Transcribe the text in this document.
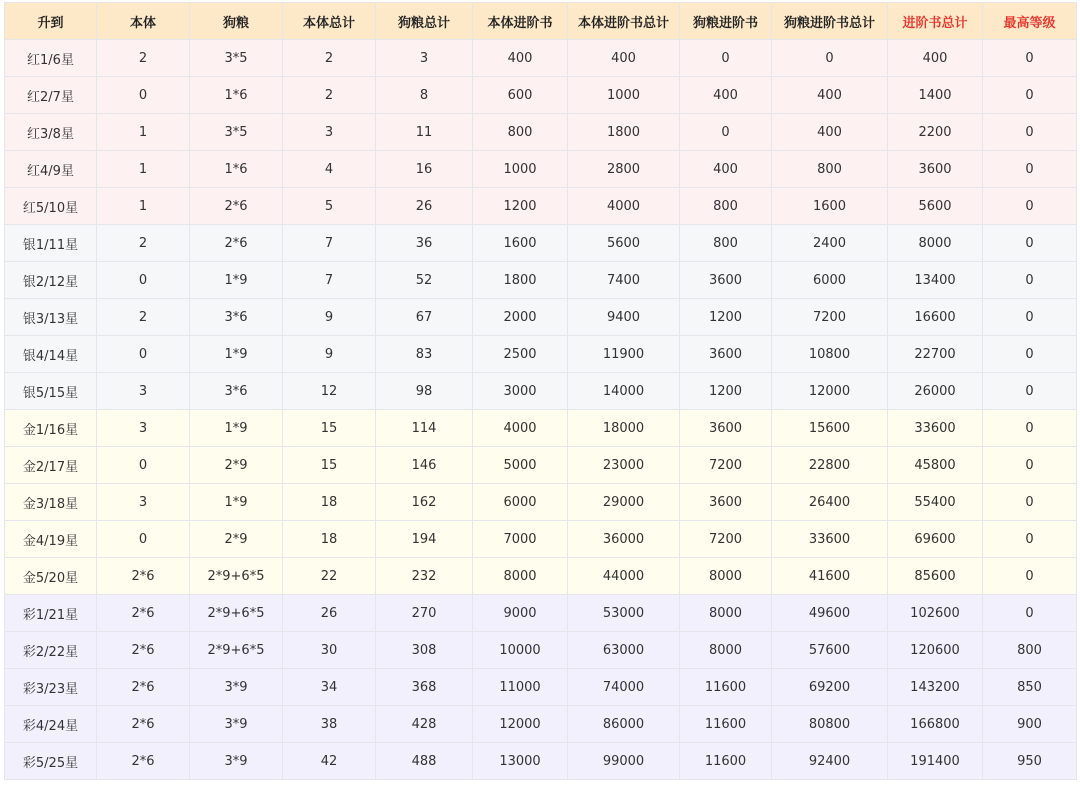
升到	本体	狗粮	本体总计	狗粮总计	本体进阶书	本体进阶书总计	狗粮进阶书	狗粮进阶书总计	进阶书总计	最高等级
红1/6星	2	3*5	2	3	400	400	0	0	400	0
红2/7星	0	1*6	2	8	600	1000	400	400	1400	0
红3/8星	1	3*5	3	11	800	1800	0	400	2200	0
红4/9星	1	1*6	4	16	1000	2800	400	800	3600	0
红5/10星	1	2*6	5	26	1200	4000	800	1600	5600	0
银1/11星	2	2*6	7	36	1600	5600	800	2400	8000	0
银2/12星	0	1*9	7	52	1800	7400	3600	6000	13400	0
银3/13星	2	3*6	9	67	2000	9400	1200	7200	16600	0
银4/14星	0	1*9	9	83	2500	11900	3600	10800	22700	0
银5/15星	3	3*6	12	98	3000	14000	1200	12000	26000	0
金1/16星	3	1*9	15	114	4000	18000	3600	15600	33600	0
金2/17星	0	2*9	15	146	5000	23000	7200	22800	45800	0
金3/18星	3	1*9	18	162	6000	29000	3600	26400	55400	0
金4/19星	0	2*9	18	194	7000	36000	7200	33600	69600	0
金5/20星	2*6	2*9+6*5	22	232	8000	44000	8000	41600	85600	0
彩1/21星	2*6	2*9+6*5	26	270	9000	53000	8000	49600	102600	0
彩2/22星	2*6	2*9+6*5	30	308	10000	63000	8000	57600	120600	800
彩3/23星	2*6	3*9	34	368	11000	74000	11600	69200	143200	850
彩4/24星	2*6	3*9	38	428	12000	86000	11600	80800	166800	900
彩5/25星	2*6	3*9	42	488	13000	99000	11600	92400	191400	950
